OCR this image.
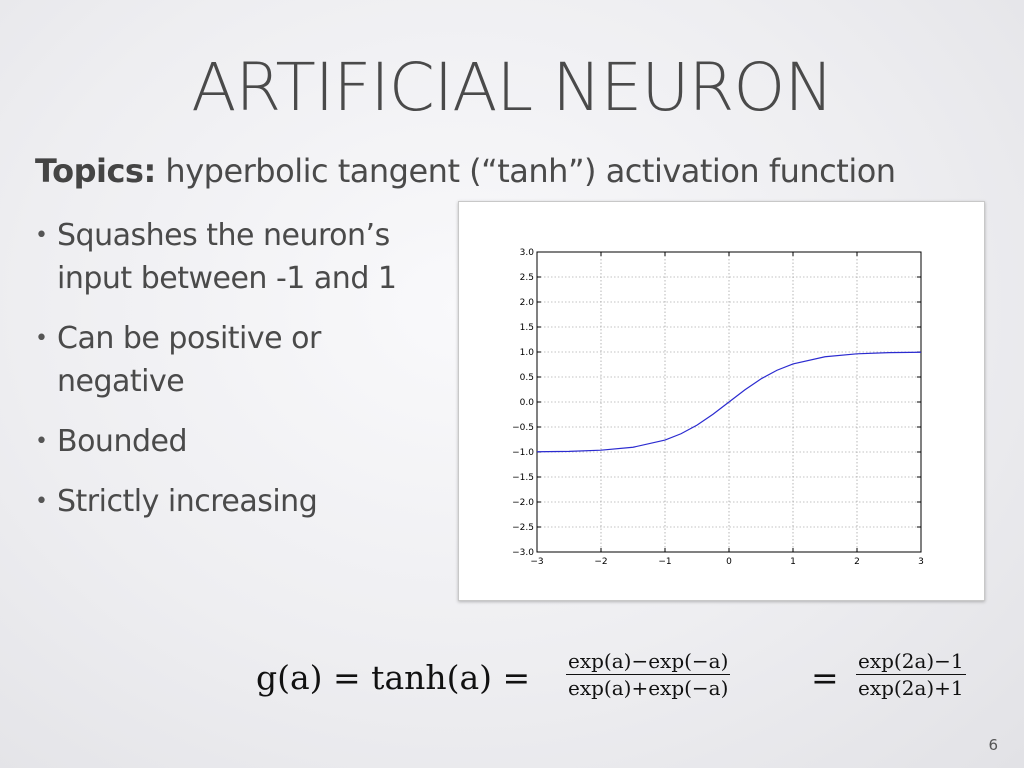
ARTIFICIAL NEURON
Topics: hyperbolic tangent (“tanh”) activation function
• Squashes the neuron’s input between -1 and 1
• Can be positive or negative
• Bounded
• Strictly increasing
−3	−2	−1	0	1	2	3
3.0
2.5
2.0
1.5
1.0
0.5
0.0
−0.5
−1.0
−1.5
−2.0
−2.5
−3.0
$g(a) = \tanh(a) = \frac{\exp(a)-\exp(-a)}{\exp(a)+\exp(-a)} = \frac{\exp(2a)-1}{\exp(2a)+1}$
6
